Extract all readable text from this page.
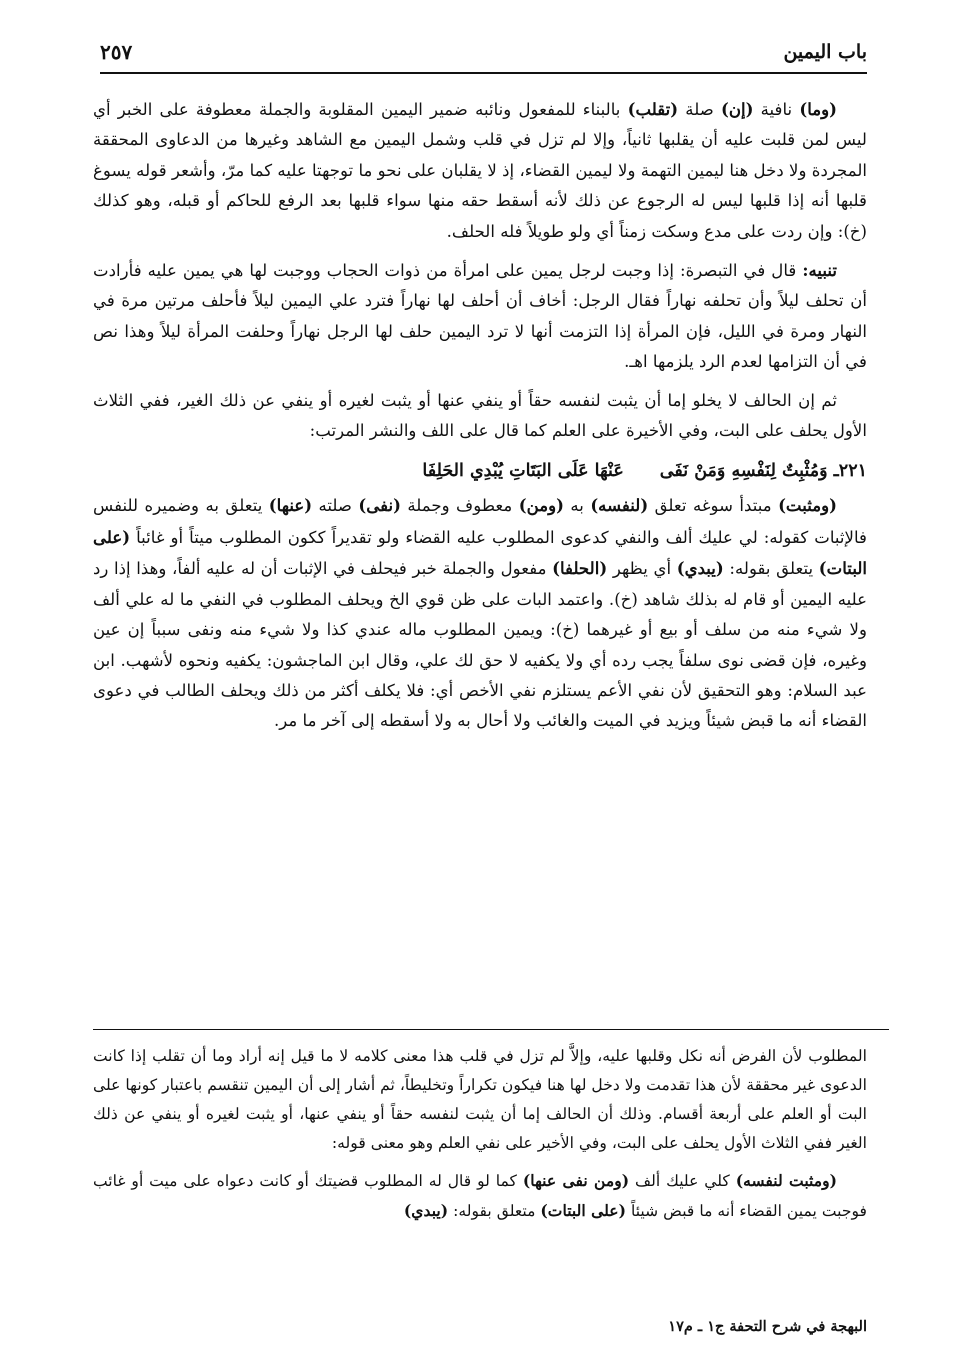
باب اليمين
٢٥٧

(وما) نافية (إن) صلة (تقلب) بالبناء للمفعول ونائبه ضمير اليمين المقلوبة والجملة معطوفة على الخبر أي ليس لمن قلبت عليه أن يقلبها ثانياً، وإلا لم تزل في قلب وشمل اليمين مع الشاهد وغيرها من الدعاوى المحققة المجردة ولا دخل هنا ليمين التهمة ولا ليمين القضاء، إذ لا يقلبان على نحو ما توجهتا عليه كما مرّ، وأشعر قوله يسوغ قلبها أنه إذا قلبها ليس له الرجوع عن ذلك لأنه أسقط حقه منها سواء قلبها بعد الرفع للحاكم أو قبله، وهو كذلك (خ): وإن ردت على مدع وسكت زمناً أي ولو طويلاً فله الحلف.

تنبيه: قال في التبصرة: إذا وجبت لرجل يمين على امرأة من ذوات الحجاب ووجبت لها هي يمين عليه فأرادت أن تحلف ليلاً وأن تحلفه نهاراً فقال الرجل: أخاف أن أحلف لها نهاراً فترد علي اليمين ليلاً فأحلف مرتين مرة في النهار ومرة في الليل، فإن المرأة إذا التزمت أنها لا ترد اليمين حلف لها الرجل نهاراً وحلفت المرأة ليلاً وهذا نص في أن التزامها لعدم الرد يلزمها اهـ.

ثم إن الحالف لا يخلو إما أن يثبت لنفسه حقاً أو ينفي عنها أو يثبت لغيره أو ينفي عن ذلك الغير، ففي الثلاث الأول يحلف على البت، وفي الأخيرة على العلم كما قال على اللف والنشر المرتب:

٢٢١ـ وَمُثْبِتٌ لِنَفْسِهِ وَمَنْ نَفَى
عَنْهَا عَلَى البَتَاتِ يُبْدِي الحَلِفَا

(ومثبت) مبتدأ سوغه تعلق (لنفسه) به (ومن) معطوف وجملة (نفى) صلته (عنها) يتعلق به وضميره للنفس فالإثبات كقوله: لي عليك ألف والنفي كدعوى المطلوب عليه القضاء ولو تقديراً ككون المطلوب ميتاً أو غائباً (على البتات) يتعلق بقوله: (يبدي) أي يظهر (الحلفا) مفعول والجملة خبر فيحلف في الإثبات أن له عليه ألفاً، وهذا إذا رد عليه اليمين أو قام له بذلك شاهد (خ). واعتمد البات على ظن قوي الخ ويحلف المطلوب في النفي ما له علي ألف ولا شيء منه من سلف أو بيع أو غيرهما (خ): ويمين المطلوب ماله عندي كذا ولا شيء منه ونفى سبباً إن عين وغيره، فإن قضى نوى سلفاً يجب رده أي ولا يكفيه لا حق لك علي، وقال ابن الماجشون: يكفيه ونحوه لأشهب. ابن عبد السلام: وهو التحقيق لأن نفي الأعم يستلزم نفي الأخص أي: فلا يكلف أكثر من ذلك ويحلف الطالب في دعوى القضاء أنه ما قبض شيئاً ويزيد في الميت والغائب ولا أحال به ولا أسقطه إلى آخر ما مر.

المطلوب لأن الفرض أنه نكل وقلبها عليه، وإلاَّ لم تزل في قلب هذا معنى كلامه لا ما قيل إنه أراد وما أن تقلب إذا كانت الدعوى غير محققة لأن هذا تقدمت ولا دخل لها هنا فيكون تكراراً وتخليطاً، ثم أشار إلى أن اليمين تنقسم باعتبار كونها على البت أو العلم على أربعة أقسام. وذلك أن الحالف إما أن يثبت لنفسه حقاً أو ينفي عنها، أو يثبت لغيره أو ينفي عن ذلك الغير ففي الثلاث الأول يحلف على البت، وفي الأخير على نفي العلم وهو معنى قوله:

(ومثبت لنفسه) كلي عليك ألف (ومن نفى عنها) كما لو قال له المطلوب قضيتك أو كانت دعواه على ميت أو غائب فوجبت يمين القضاء أنه ما قبض شيئاً (على البتات) متعلق بقوله: (يبدي)

البهجة في شرح التحفة ج١ ـ م١٧
